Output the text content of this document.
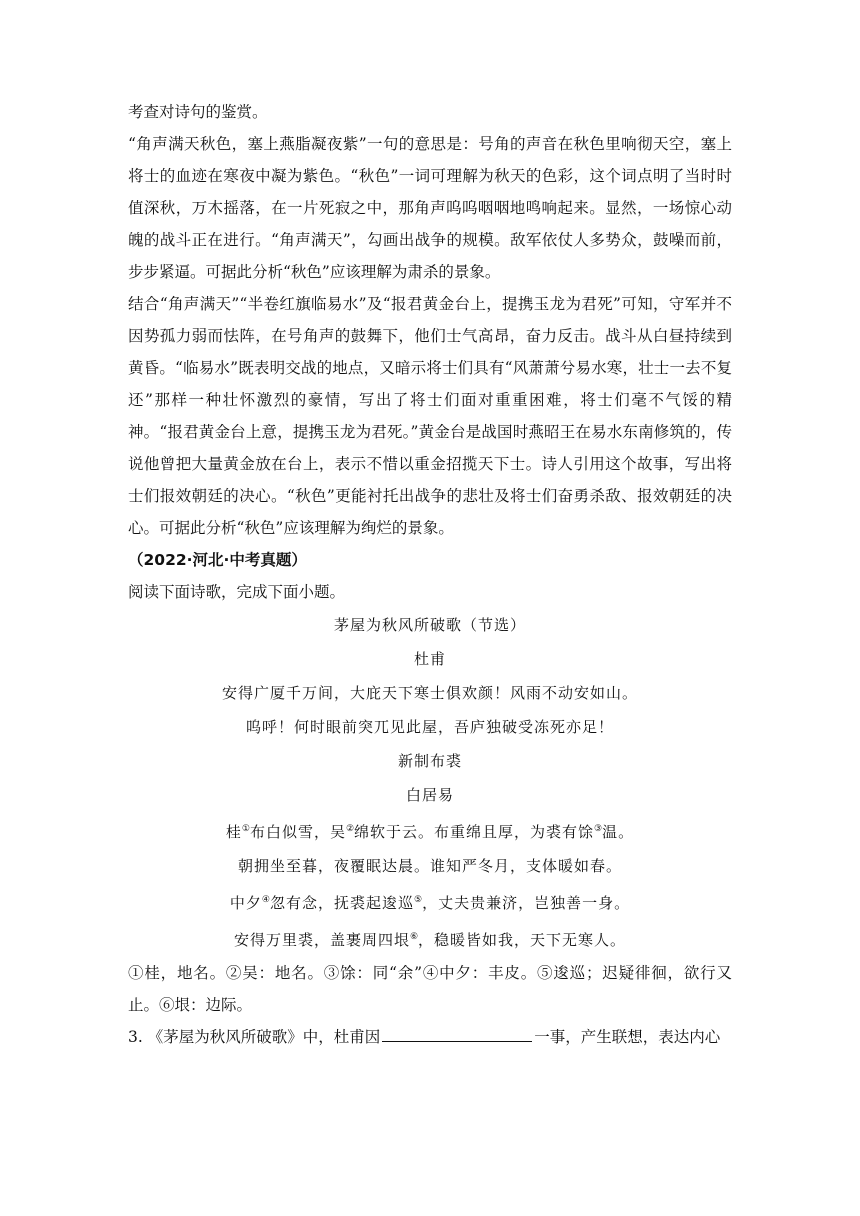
考查对诗句的鉴赏。
“角声满天秋色，塞上燕脂凝夜紫”一句的意思是：号角的声音在秋色里响彻天空，塞上将士的血迹在寒夜中凝为紫色。“秋色”一词可理解为秋天的色彩，这个词点明了当时时值深秋，万木摇落，在一片死寂之中，那角声呜呜咽咽地鸣响起来。显然，一场惊心动魄的战斗正在进行。“角声满天”，勾画出战争的规模。敌军依仗人多势众，鼓噪而前，步步紧逼。可据此分析“秋色”应该理解为肃杀的景象。
结合“角声满天”“半卷红旗临易水”及“报君黄金台上，提携玉龙为君死”可知，守军并不因势孤力弱而怯阵，在号角声的鼓舞下，他们士气高昂，奋力反击。战斗从白昼持续到黄昏。“临易水”既表明交战的地点，又暗示将士们具有“风萧萧兮易水寒，壮士一去不复还”那样一种壮怀激烈的豪情，写出了将士们面对重重困难，将士们毫不气馁的精神。“报君黄金台上意，提携玉龙为君死。”黄金台是战国时燕昭王在易水东南修筑的，传说他曾把大量黄金放在台上，表示不惜以重金招揽天下士。诗人引用这个故事，写出将士们报效朝廷的决心。“秋色”更能衬托出战争的悲壮及将士们奋勇杀敌、报效朝廷的决心。可据此分析“秋色”应该理解为绚烂的景象。
（2022·河北·中考真题）
阅读下面诗歌，完成下面小题。
茅屋为秋风所破歌（节选）
杜甫
安得广厦千万间，大庇天下寒士俱欢颜！风雨不动安如山。
呜呼！何时眼前突兀见此屋，吾庐独破受冻死亦足！
新制布裘
白居易
桂①布白似雪，吴②绵软于云。布重绵且厚，为裘有馀③温。
朝拥坐至暮，夜覆眠达晨。谁知严冬月，支体暖如春。
中夕④忽有念，抚裘起逡巡⑤，丈夫贵兼济，岂独善一身。
安得万里裘，盖裹周四垠⑥，稳暖皆如我，天下无寒人。
①桂，地名。②吴：地名。③馀：同“余”④中夕：丰皮。⑤逡巡；迟疑徘徊，欲行又止。⑥垠：边际。
3. 《茅屋为秋风所破歌》中，杜甫因	一事，产生联想，表达内心
